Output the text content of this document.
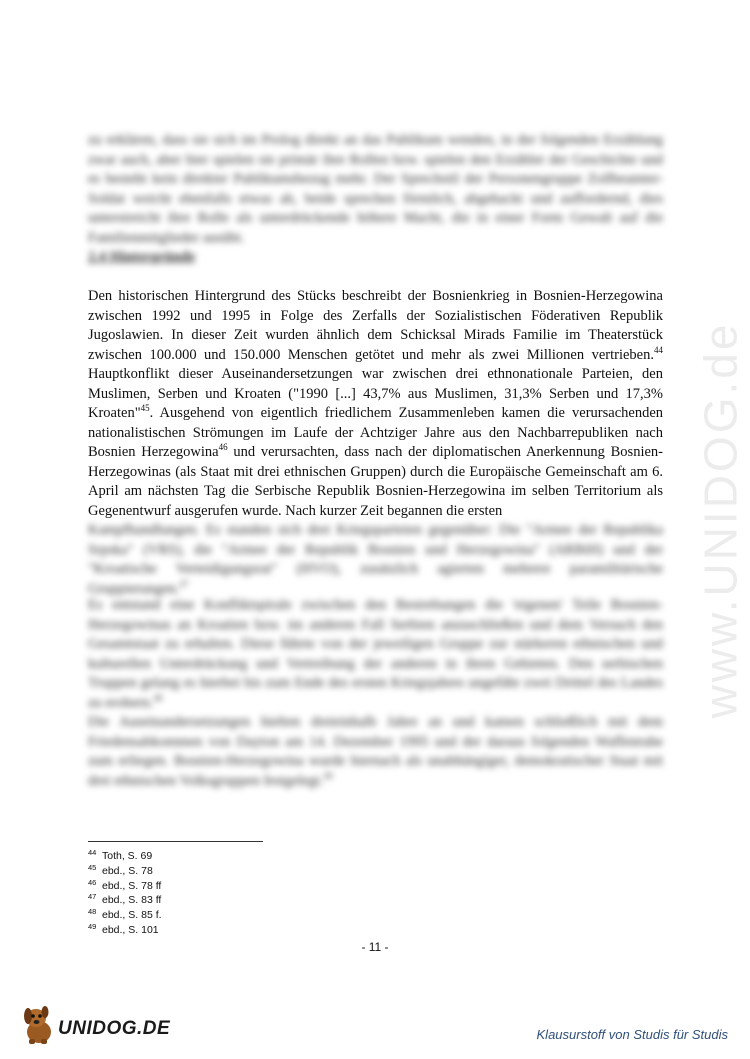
www.UNIDOG.de
zu erklären, dass sie sich im Prolog direkt an das Publikum wenden, in der folgenden Erzählung zwar auch, aber hier spielen sie primär ihre Rollen bzw. spielen den Erzähler der Geschichte und es besteht kein direkter Publikumsbezug mehr. Der Sprechstil der Personengruppe Zollbeamter-Soldat weicht ebenfalls etwas ab, beide sprechen förmlich, abgehackt und auffordernd, dies unterstreicht ihre Rolle als unterdrückende höhere Macht, die in einer Form Gewalt auf die Familienmitglieder ausübt.
2.4 Hintergründe
Den historischen Hintergrund des Stücks beschreibt der Bosnienkrieg in Bosnien-Herzegowina zwischen 1992 und 1995 in Folge des Zerfalls der Sozialistischen Föderativen Republik Jugoslawien. In dieser Zeit wurden ähnlich dem Schicksal Mirads Familie im Theaterstück zwischen 100.000 und 150.000 Menschen getötet und mehr als zwei Millionen vertrieben.$^{44}$ Hauptkonflikt dieser Auseinandersetzungen war zwischen drei ethnonationale Parteien, den Muslimen, Serben und Kroaten ("1990 [...] 43,7% aus Muslimen, 31,3% Serben und 17,3% Kroaten"$^{45}$. Ausgehend von eigentlich friedlichem Zusammenleben kamen die verursachenden nationalistischen Strömungen im Laufe der Achtziger Jahre aus den Nachbarrepubliken nach Bosnien Herzegowina$^{46}$ und verursachten, dass nach der diplomatischen Anerkennung Bosnien-Herzegowinas (als Staat mit drei ethnischen Gruppen) durch die Europäische Gemeinschaft am 6. April am nächsten Tag die Serbische Republik Bosnien-Herzegowina im selben Territorium als Gegenentwurf ausgerufen wurde. Nach kurzer Zeit begannen die ersten
Kampfhandlungen. Es standen sich drei Kriegsparteien gegenüber: Die "Armee der Republika Srpska" (VRS), die "Armee der Republik Bosnien und Herzegowina" (ARBiH) und der "Kroatische Verteidigungsrat" (HVO), zusätzlich agierten mehrere paramilitärische Gruppierungen.$^{47}$
Es entstand eine Konfliktspirale zwischen den Bestrebungen die 'eigenen' Teile Bosnien-Herzegowinas an Kroatien bzw. im anderen Fall Serbien anzuschließen und dem Versuch den Gesamtstaat zu erhalten. Diese führte von der jeweiligen Gruppe zur stärkeren ethnischen und kulturellen Unterdrückung und Vertreibung der anderen in ihren Gebieten. Den serbischen Truppen gelang es hierbei bis zum Ende des ersten Kriegsjahres ungefähr zwei Drittel des Landes zu erobern.$^{48}$
Die Auseinandersetzungen hielten dreieinhalb Jahre an und kamen schließlich mit dem Friedensabkommen von Dayton am 14. Dezember 1995 und der daraus folgenden Waffenruhe zum erliegen. Bosnien-Herzegowina wurde hiernach als unabhängiger, demokratischer Staat mit drei ethnischen Volksgruppen festgelegt.$^{49}$
44 Toth, S. 69
45 ebd., S. 78
46 ebd., S. 78 ff
47 ebd., S. 83 ff
48 ebd., S. 85 f.
49 ebd., S. 101
- 11 -
UNIDOG.DE	Klausurstoff von Studis für Studis
